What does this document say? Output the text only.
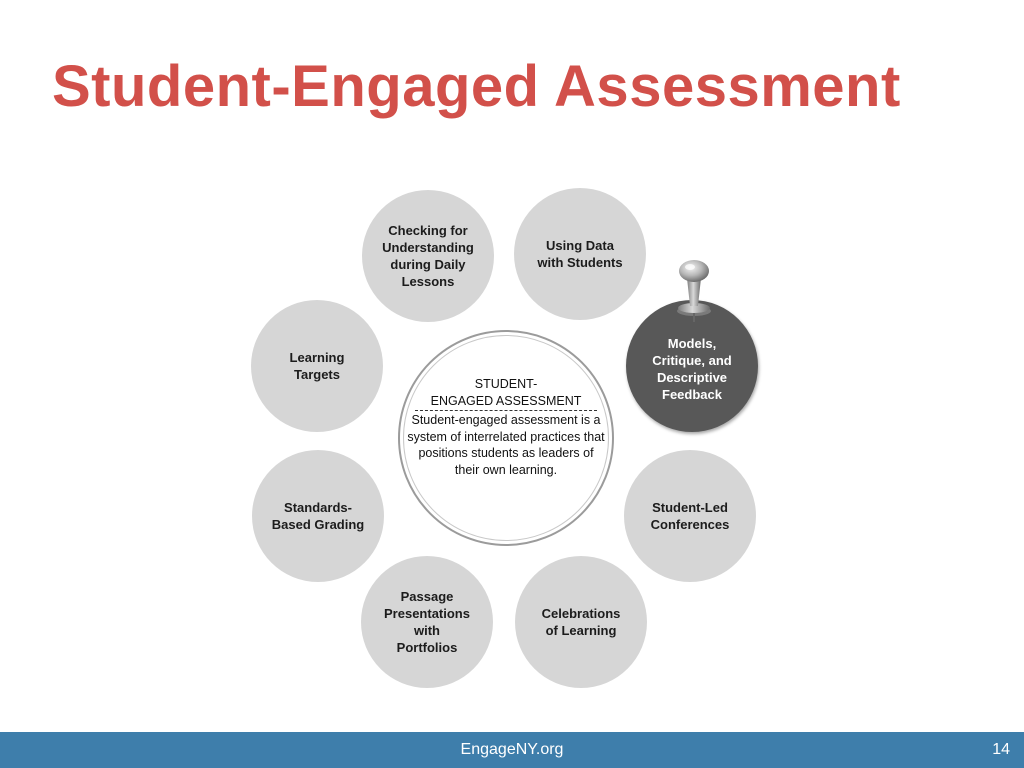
Student-Engaged Assessment
Checking for
Understanding
during Daily
Lessons
Using Data
with Students
Models,
Critique, and
Descriptive
Feedback
Student-Led
Conferences
Celebrations
of Learning
Passage
Presentations
with
Portfolios
Standards-
Based Grading
Learning
Targets
STUDENT-
ENGAGED ASSESSMENT
Student-engaged assessment is a system of interrelated practices that positions students as leaders of their own learning.
EngageNY.org	14
